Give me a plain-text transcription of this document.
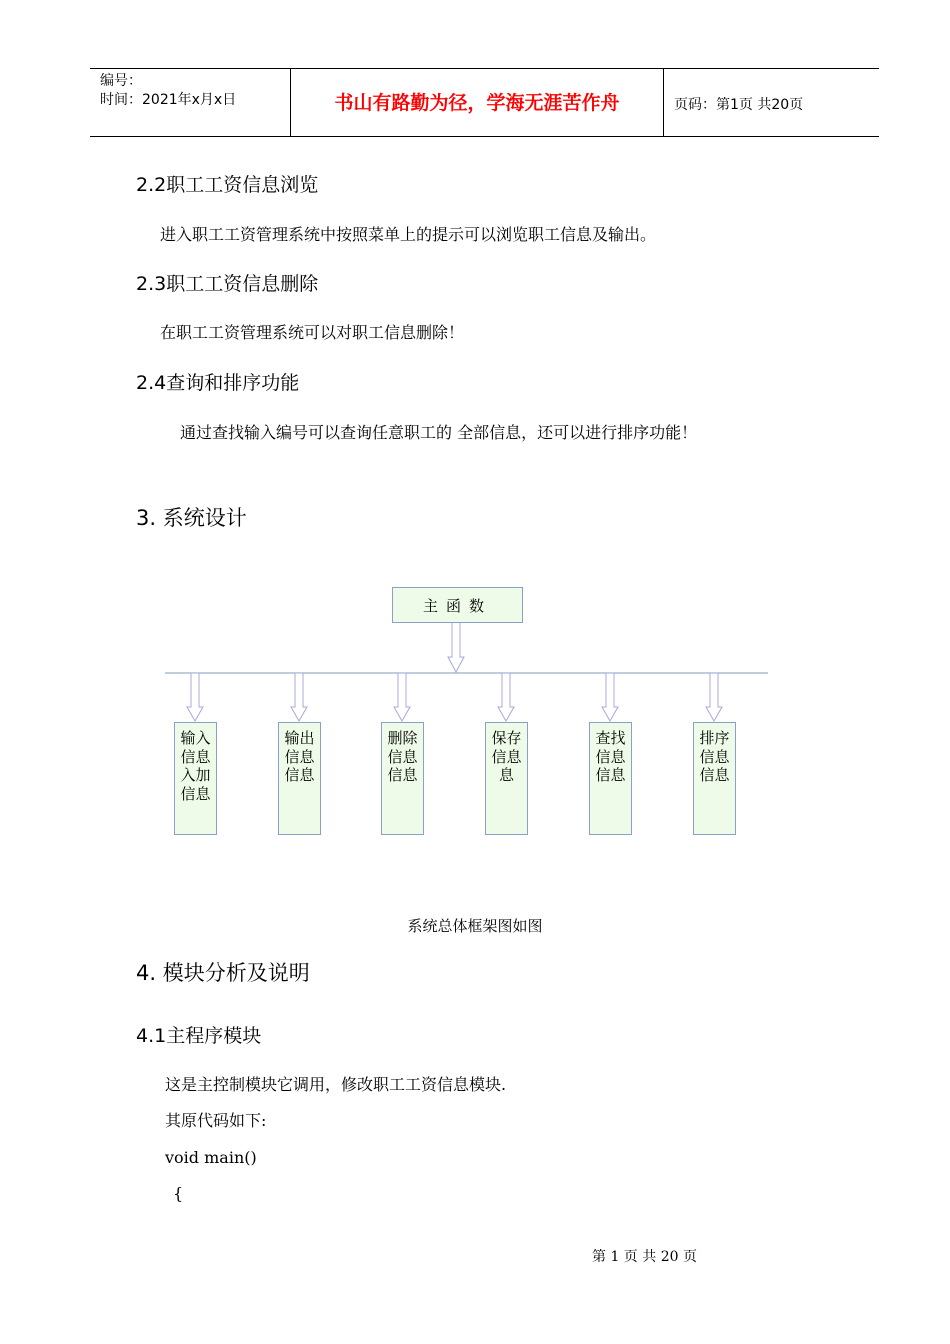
编号：
时间：2021年x月x日	书山有路勤为径，学海无涯苦作舟	页码：第1页 共20页
2.2职工工资信息浏览
进入职工工资管理系统中按照菜单上的提示可以浏览职工信息及输出。
2.3职工工资信息删除
在职工工资管理系统可以对职工信息删除！
2.4查询和排序功能
通过查找输入编号可以查询任意职工的 全部信息，还可以进行排序功能！
3. 系统设计
主函数
输入信息入加信息
输出信息信息
删除信息信息
保存信息息
查找信息信息
排序信息信息
系统总体框架图如图
4. 模块分析及说明
4.1主程序模块
这是主控制模块它调用，修改职工工资信息模块.
其原代码如下:
void main()
{
第 1 页 共 20 页
